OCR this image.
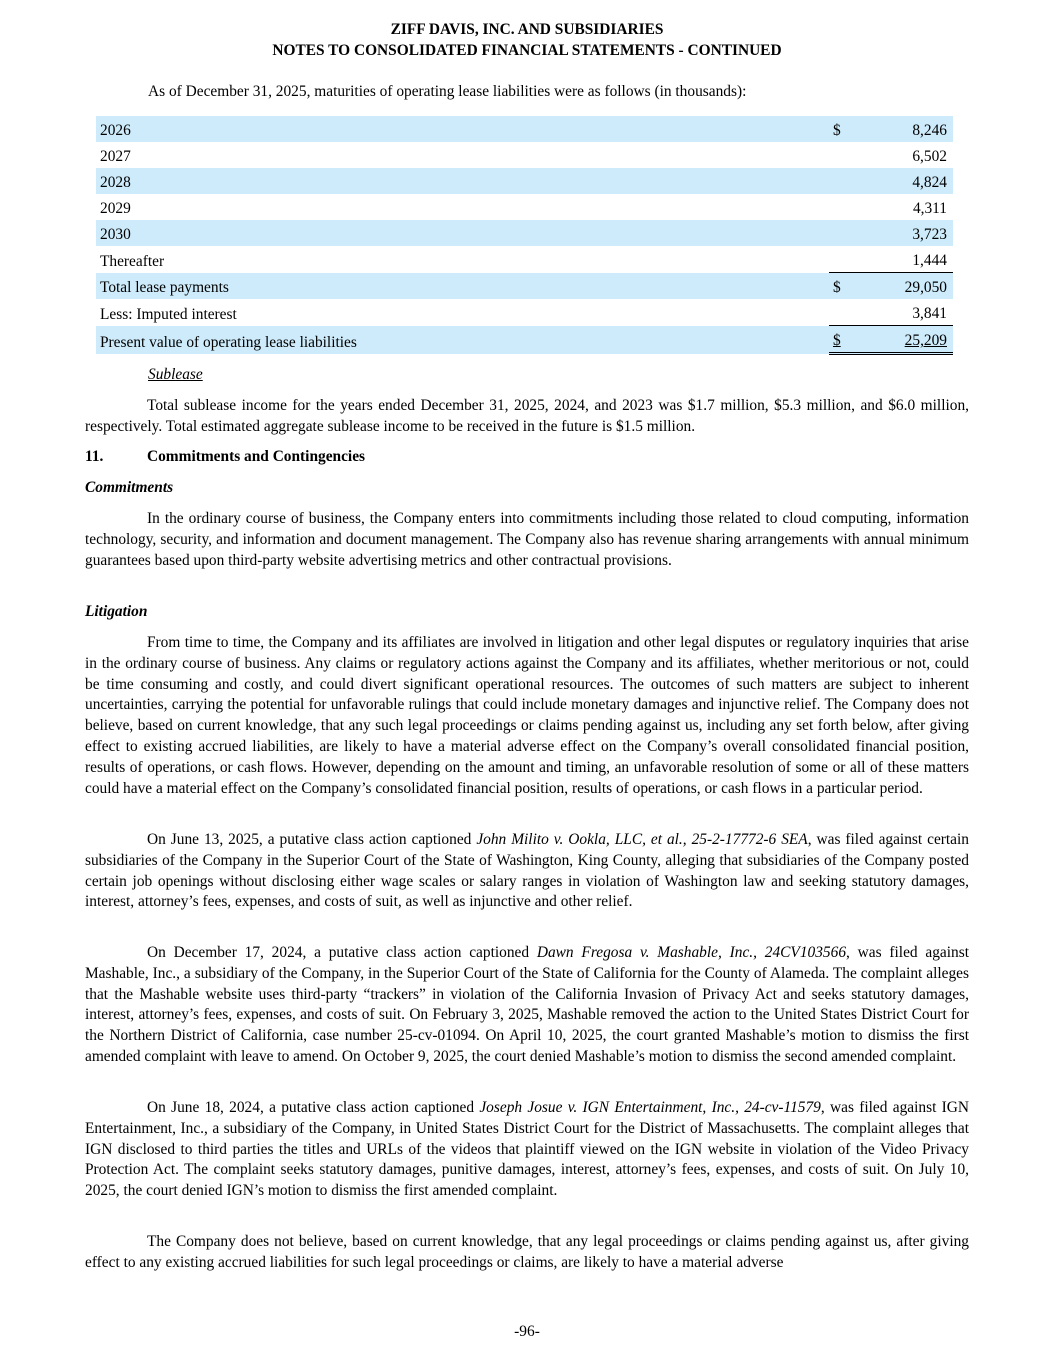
ZIFF DAVIS, INC. AND SUBSIDIARIES
NOTES TO CONSOLIDATED FINANCIAL STATEMENTS - CONTINUED
As of December 31, 2025, maturities of operating lease liabilities were as follows (in thousands):
2026	$	8,246	
2027		6,502	
2028		4,824	
2029		4,311	
2030		3,723	
Thereafter		1,444	
Total lease payments	$	29,050	
Less: Imputed interest		3,841	
Present value of operating lease liabilities	$	25,209	
Sublease

Total sublease income for the years ended December 31, 2025, 2024, and 2023 was $1.7 million, $5.3 million, and $6.0 million, respectively. Total estimated aggregate sublease income to be received in the future is $1.5 million.

11.	Commitments and Contingencies
Commitments

In the ordinary course of business, the Company enters into commitments including those related to cloud computing, information technology, security, and information and document management. The Company also has revenue sharing arrangements with annual minimum guarantees based upon third-party website advertising metrics and other contractual provisions.

Litigation

From time to time, the Company and its affiliates are involved in litigation and other legal disputes or regulatory inquiries that arise in the ordinary course of business. Any claims or regulatory actions against the Company and its affiliates, whether meritorious or not, could be time consuming and costly, and could divert significant operational resources. The outcomes of such matters are subject to inherent uncertainties, carrying the potential for unfavorable rulings that could include monetary damages and injunctive relief. The Company does not believe, based on current knowledge, that any such legal proceedings or claims pending against us, including any set forth below, after giving effect to existing accrued liabilities, are likely to have a material adverse effect on the Company’s overall consolidated financial position, results of operations, or cash flows. However, depending on the amount and timing, an unfavorable resolution of some or all of these matters could have a material effect on the Company’s consolidated financial position, results of operations, or cash flows in a particular period.

On June 13, 2025, a putative class action captioned John Milito v. Ookla, LLC, et al., 25-2-17772-6 SEA, was filed against certain subsidiaries of the Company in the Superior Court of the State of Washington, King County, alleging that subsidiaries of the Company posted certain job openings without disclosing either wage scales or salary ranges in violation of Washington law and seeking statutory damages, interest, attorney’s fees, expenses, and costs of suit, as well as injunctive and other relief.

On December 17, 2024, a putative class action captioned Dawn Fregosa v. Mashable, Inc., 24CV103566, was filed against Mashable, Inc., a subsidiary of the Company, in the Superior Court of the State of California for the County of Alameda. The complaint alleges that the Mashable website uses third-party “trackers” in violation of the California Invasion of Privacy Act and seeks statutory damages, interest, attorney’s fees, expenses, and costs of suit. On February 3, 2025, Mashable removed the action to the United States District Court for the Northern District of California, case number 25-cv-01094. On April 10, 2025, the court granted Mashable’s motion to dismiss the first amended complaint with leave to amend. On October 9, 2025, the court denied Mashable’s motion to dismiss the second amended complaint.

On June 18, 2024, a putative class action captioned Joseph Josue v. IGN Entertainment, Inc., 24-cv-11579, was filed against IGN Entertainment, Inc., a subsidiary of the Company, in United States District Court for the District of Massachusetts. The complaint alleges that IGN disclosed to third parties the titles and URLs of the videos that plaintiff viewed on the IGN website in violation of the Video Privacy Protection Act. The complaint seeks statutory damages, punitive damages, interest, attorney’s fees, expenses, and costs of suit. On July 10, 2025, the court denied IGN’s motion to dismiss the first amended complaint.

The Company does not believe, based on current knowledge, that any legal proceedings or claims pending against us, after giving effect to any existing accrued liabilities for such legal proceedings or claims, are likely to have a material adverse

-96-
